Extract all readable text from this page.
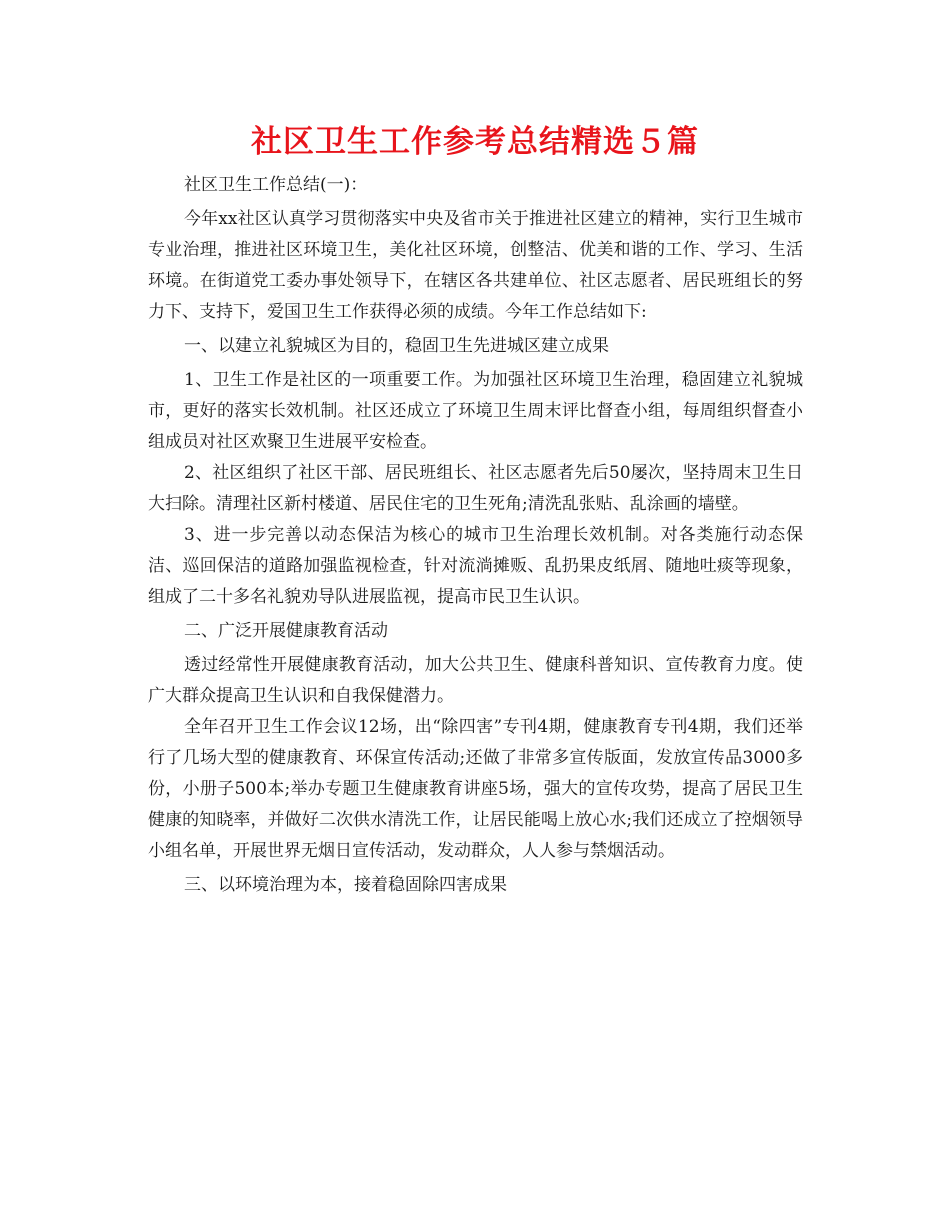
社区卫生工作参考总结精选５篇

社区卫生工作总结(一)：

今年xx社区认真学习贯彻落实中央及省市关于推进社区建立的精神，实行卫生城市专业治理，推进社区环境卫生，美化社区环境，创整洁、优美和谐的工作、学习、生活环境。在街道党工委办事处领导下，在辖区各共建单位、社区志愿者、居民班组长的努力下、支持下，爱国卫生工作获得必须的成绩。今年工作总结如下:

一、以建立礼貌城区为目的，稳固卫生先进城区建立成果

1、卫生工作是社区的一项重要工作。为加强社区环境卫生治理，稳固建立礼貌城市，更好的落实长效机制。社区还成立了环境卫生周末评比督查小组，每周组织督查小组成员对社区欢聚卫生进展平安检查。

2、社区组织了社区干部、居民班组长、社区志愿者先后50屡次，坚持周末卫生日大扫除。清理社区新村楼道、居民住宅的卫生死角;清洗乱张贴、乱涂画的墙壁。

3、进一步完善以动态保洁为核心的城市卫生治理长效机制。对各类施行动态保洁、巡回保洁的道路加强监视检查，针对流淌摊贩、乱扔果皮纸屑、随地吐痰等现象，组成了二十多名礼貌劝导队进展监视，提高市民卫生认识。

二、广泛开展健康教育活动

透过经常性开展健康教育活动，加大公共卫生、健康科普知识、宣传教育力度。使广大群众提高卫生认识和自我保健潜力。

全年召开卫生工作会议12场，出“除四害”专刊4期，健康教育专刊4期，我们还举行了几场大型的健康教育、环保宣传活动;还做了非常多宣传版面，发放宣传品3000多份，小册子500本;举办专题卫生健康教育讲座5场，强大的宣传攻势，提高了居民卫生健康的知晓率，并做好二次供水清洗工作，让居民能喝上放心水;我们还成立了控烟领导小组名单，开展世界无烟日宣传活动，发动群众，人人参与禁烟活动。

三、以环境治理为本，接着稳固除四害成果
